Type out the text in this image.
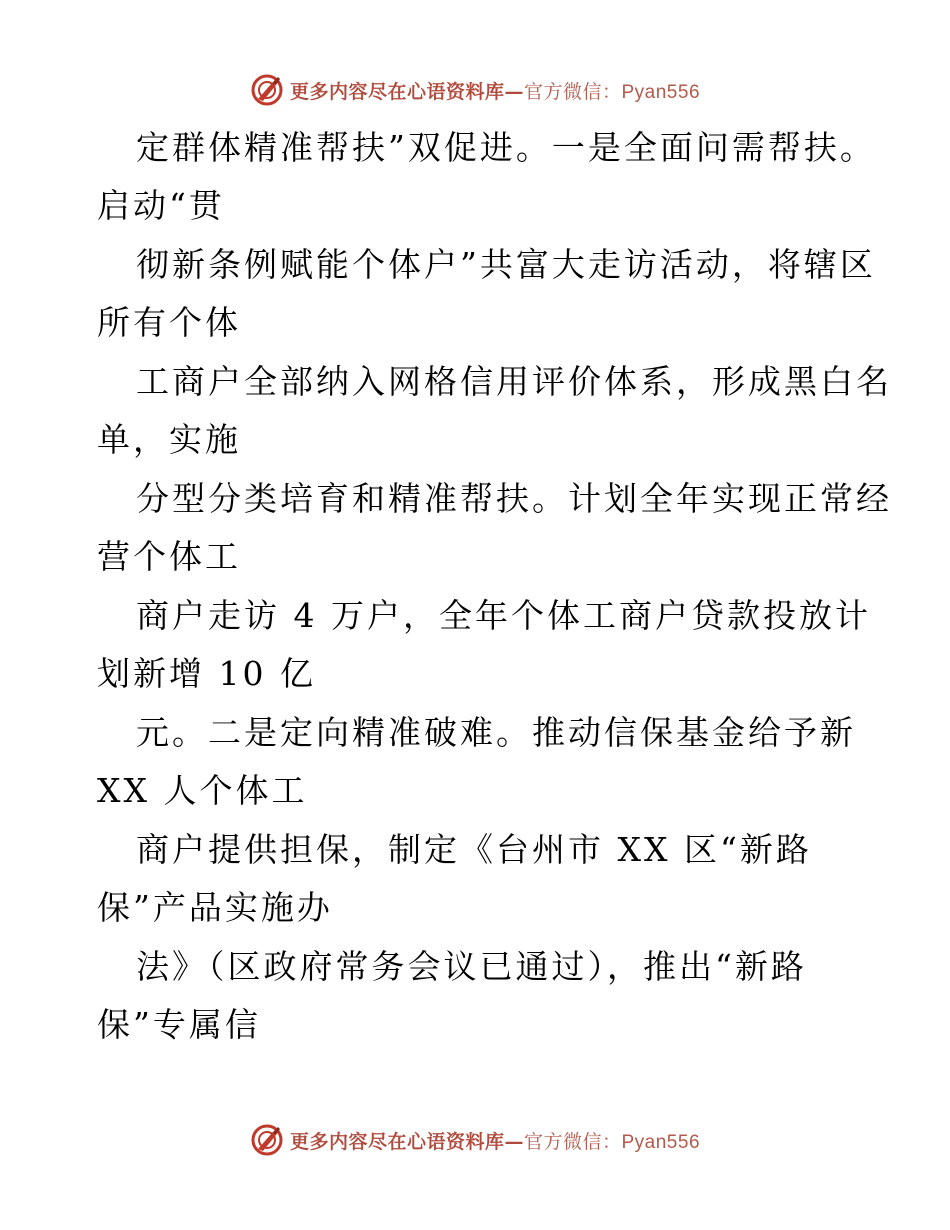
更多内容尽在心语资料库—官方微信：Pyan556
定群体精准帮扶”双促进。一是全面问需帮扶。
启动“贯
彻新条例赋能个体户”共富大走访活动，将辖区
所有个体
工商户全部纳入网格信用评价体系，形成黑白名
单，实施
分型分类培育和精准帮扶。计划全年实现正常经
营个体工
商户走访 4 万户，全年个体工商户贷款投放计
划新增 10 亿
元。二是定向精准破难。推动信保基金给予新
XX 人个体工
商户提供担保，制定《台州市 XX 区“新路
保”产品实施办
法》（区政府常务会议已通过），推出“新路
保”专属信
更多内容尽在心语资料库—官方微信：Pyan556
